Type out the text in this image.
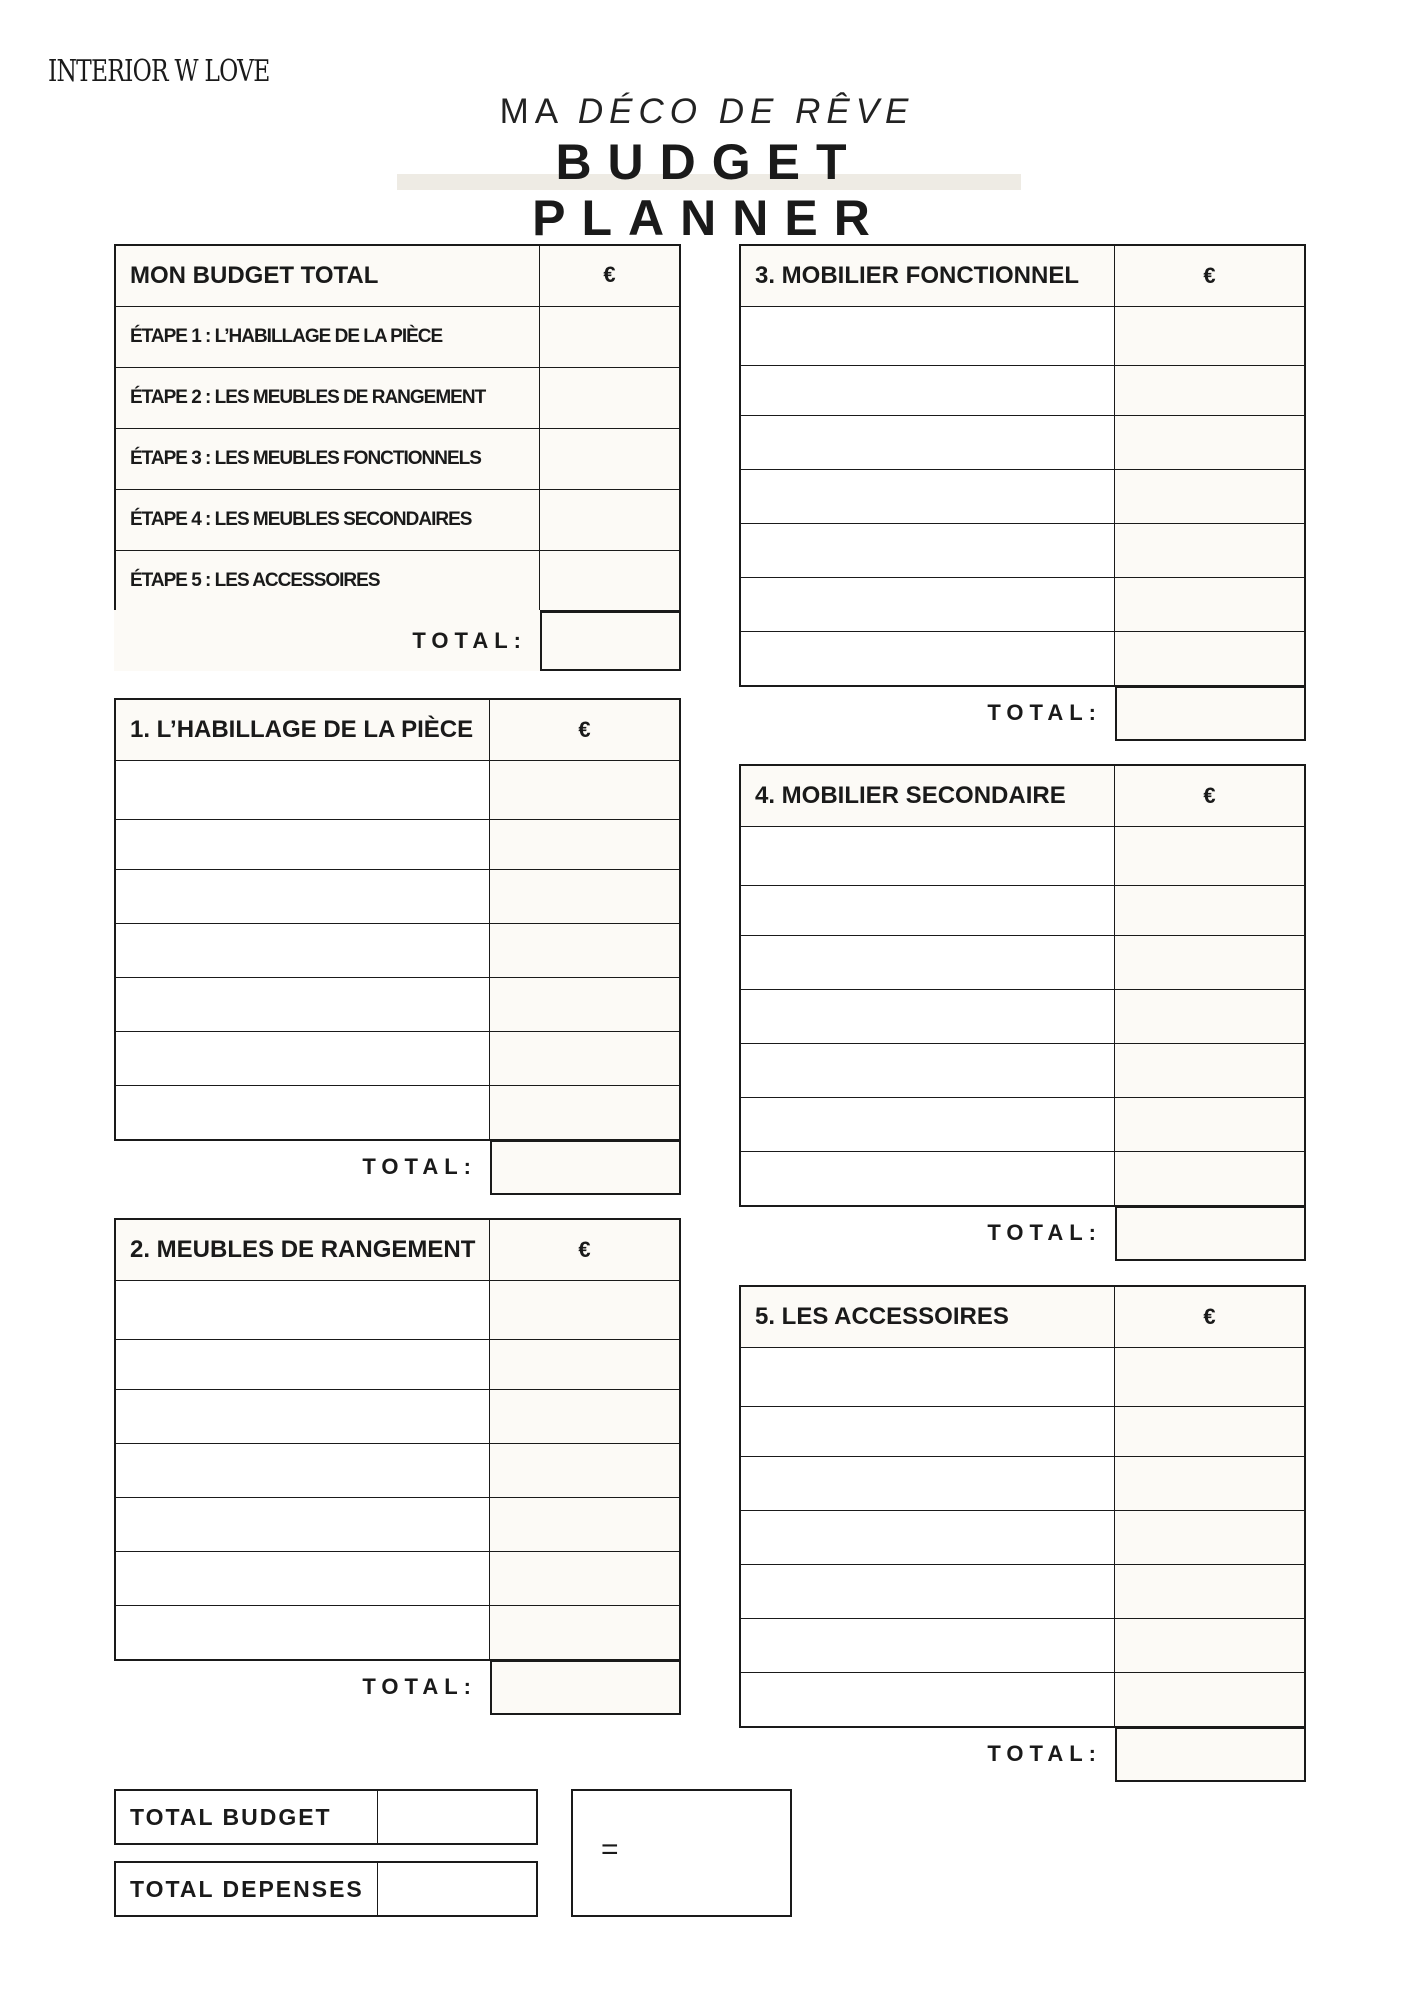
INTERIOR W LOVE
MA DÉCO DE RÊVE
BUDGET PLANNER
MON BUDGET TOTAL	€
ÉTAPE 1 : L’HABILLAGE DE LA PIÈCE
ÉTAPE 2 : LES MEUBLES DE RANGEMENT
ÉTAPE 3 : LES MEUBLES FONCTIONNELS
ÉTAPE 4 : LES MEUBLES SECONDAIRES
ÉTAPE 5 : LES ACCESSOIRES
TOTAL:
1. L’HABILLAGE DE LA PIÈCE	€
TOTAL:
2. MEUBLES DE RANGEMENT	€
TOTAL:
3. MOBILIER FONCTIONNEL	€
TOTAL:
4. MOBILIER SECONDAIRE	€
TOTAL:
5. LES ACCESSOIRES	€
TOTAL:
TOTAL BUDGET
TOTAL DEPENSES
=
